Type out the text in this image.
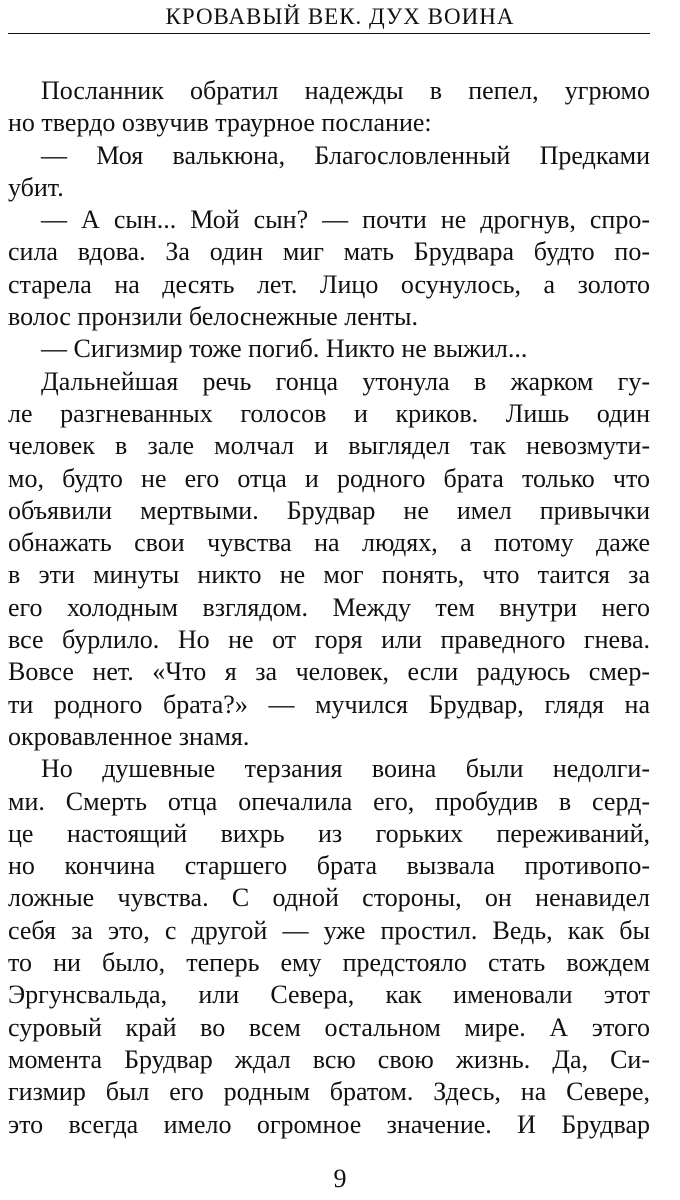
КРОВАВЫЙ ВЕК. ДУХ ВОИНА
Посланник обратил надежды в пепел, угрюмо
но твердо озвучив траурное послание:
— Моя валькюна, Благословленный Предками
убит.
— А сын... Мой сын? — почти не дрогнув, спро-
сила вдова. За один миг мать Брудвара будто по-
старела на десять лет. Лицо осунулось, а золото
волос пронзили белоснежные ленты.
— Сигизмир тоже погиб. Никто не выжил...
Дальнейшая речь гонца утонула в жарком гу-
ле разгневанных голосов и криков. Лишь один
человек в зале молчал и выглядел так невозмути-
мо, будто не его отца и родного брата только что
объявили мертвыми. Брудвар не имел привычки
обнажать свои чувства на людях, а потому даже
в эти минуты никто не мог понять, что таится за
его холодным взглядом. Между тем внутри него
все бурлило. Но не от горя или праведного гнева.
Вовсе нет. «Что я за человек, если радуюсь смер-
ти родного брата?» — мучился Брудвар, глядя на
окровавленное знамя.
Но душевные терзания воина были недолги-
ми. Смерть отца опечалила его, пробудив в серд-
це настоящий вихрь из горьких переживаний,
но кончина старшего брата вызвала противопо-
ложные чувства. С одной стороны, он ненавидел
себя за это, с другой — уже простил. Ведь, как бы
то ни было, теперь ему предстояло стать вождем
Эргунсвальда, или Севера, как именовали этот
суровый край во всем остальном мире. А этого
момента Брудвар ждал всю свою жизнь. Да, Си-
гизмир был его родным братом. Здесь, на Севере,
это всегда имело огромное значение. И Брудвар
9
